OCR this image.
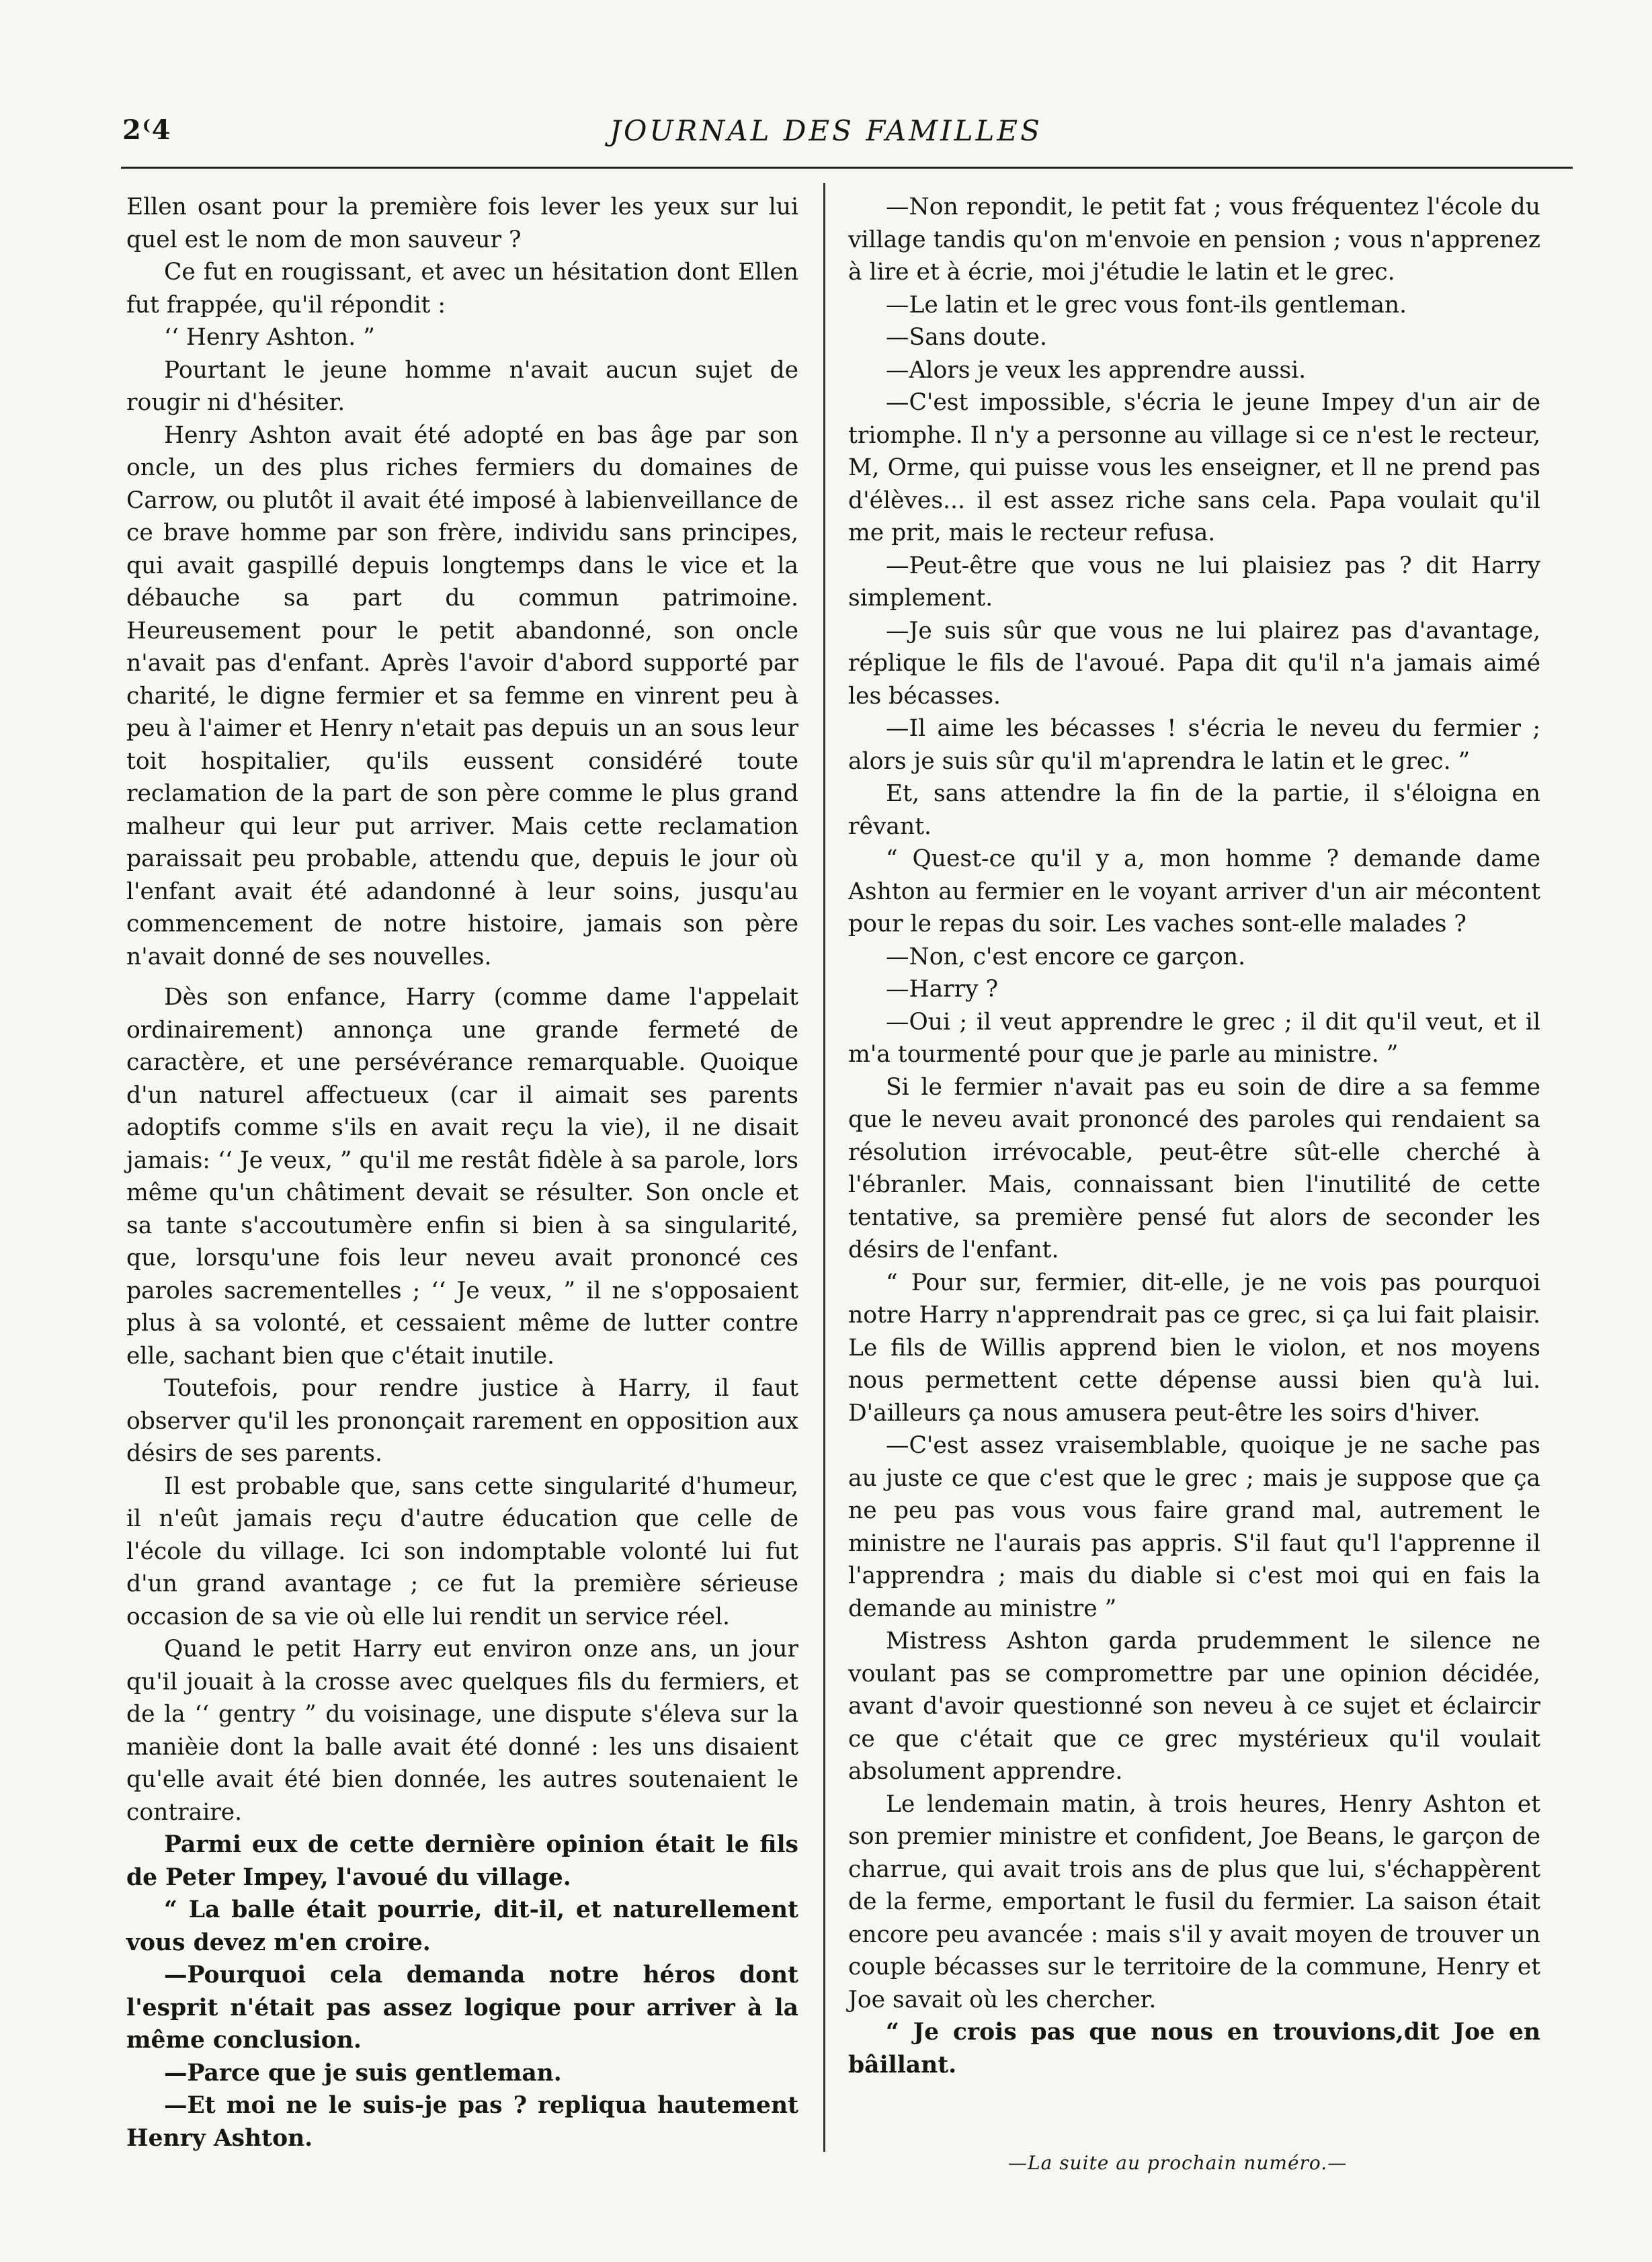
2⁽4	JOURNAL DES FAMILLES

Ellen osant pour la première fois lever les yeux sur lui quel est le nom de mon sauveur ?

Ce fut en rougissant, et avec un hésitation dont Ellen fut frappée, qu'il répondit :

‘‘ Henry Ashton. ”

Pourtant le jeune homme n'avait aucun sujet de rougir ni d'hésiter.

Henry Ashton avait été adopté en bas âge par son oncle, un des plus riches fermiers du domaines de Carrow, ou plutôt il avait été imposé à labienveillance de ce brave homme par son frère, individu sans principes, qui avait gaspillé depuis longtemps dans le vice et la débauche sa part du commun patrimoine. Heureusement pour le petit abandonné, son oncle n'avait pas d'enfant. Après l'avoir d'abord supporté par charité, le digne fermier et sa femme en vinrent peu à peu à l'aimer et Henry n'etait pas depuis un an sous leur toit hospitalier, qu'ils eussent considéré toute reclamation de la part de son père comme le plus grand malheur qui leur put arriver. Mais cette reclamation paraissait peu probable, attendu que, depuis le jour où l'enfant avait été adandonné à leur soins, jusqu'au commencement de notre histoire, jamais son père n'avait donné de ses nouvelles.

Dès son enfance, Harry (comme dame l'appelait ordinairement) annonça une grande fermeté de caractère, et une persévérance remarquable. Quoique d'un naturel affectueux (car il aimait ses parents adoptifs comme s'ils en avait reçu la vie), il ne disait jamais: ‘‘ Je veux, ” qu'il me restât fidèle à sa parole, lors même qu'un châtiment devait se résulter. Son oncle et sa tante s'accoutumère enfin si bien à sa singularité, que, lorsqu'une fois leur neveu avait prononcé ces paroles sacrementelles ; ‘‘ Je veux, ” il ne s'opposaient plus à sa volonté, et cessaient même de lutter contre elle, sachant bien que c'était inutile.

Toutefois, pour rendre justice à Harry, il faut observer qu'il les prononçait rarement en opposition aux désirs de ses parents.

Il est probable que, sans cette singularité d'humeur, il n'eût jamais reçu d'autre éducation que celle de l'école du village. Ici son indomptable volonté lui fut d'un grand avantage ; ce fut la première sérieuse occasion de sa vie où elle lui rendit un service réel.

Quand le petit Harry eut environ onze ans, un jour qu'il jouait à la crosse avec quelques fils du fermiers, et de la ‘‘ gentry ” du voisinage, une dispute s'éleva sur la manièie dont la balle avait été donné : les uns disaient qu'elle avait été bien donnée, les autres soutenaient le contraire.

Parmi eux de cette dernière opinion était le fils de Peter Impey, l'avoué du village.

“ La balle était pourrie, dit-il, et naturellement vous devez m'en croire.

—Pourquoi cela demanda notre héros dont l'esprit n'était pas assez logique pour arriver à la même conclusion.

—Parce que je suis gentleman.

—Et moi ne le suis-je pas ? repliqua hautement Henry Ashton.

—Non repondit, le petit fat ; vous fréquentez l'école du village tandis qu'on m'envoie en pension ; vous n'apprenez à lire et à écrie, moi j'étudie le latin et le grec.

—Le latin et le grec vous font-ils gentleman.

—Sans doute.

—Alors je veux les apprendre aussi.

—C'est impossible, s'écria le jeune Impey d'un air de triomphe. Il n'y a personne au village si ce n'est le recteur, M, Orme, qui puisse vous les enseigner, et ll ne prend pas d'élèves... il est assez riche sans cela. Papa voulait qu'il me prit, mais le recteur refusa.

—Peut-être que vous ne lui plaisiez pas ? dit Harry simplement.

—Je suis sûr que vous ne lui plairez pas d'avantage, réplique le fils de l'avoué. Papa dit qu'il n'a jamais aimé les bécasses.

—Il aime les bécasses ! s'écria le neveu du fermier ; alors je suis sûr qu'il m'aprendra le latin et le grec. ”

Et, sans attendre la fin de la partie, il s'éloigna en rêvant.

“ Quest-ce qu'il y a, mon homme ? demande dame Ashton au fermier en le voyant arriver d'un air mécontent pour le repas du soir. Les vaches sont-elle malades ?

—Non, c'est encore ce garçon.

—Harry ?

—Oui ; il veut apprendre le grec ; il dit qu'il veut, et il m'a tourmenté pour que je parle au ministre. ”

Si le fermier n'avait pas eu soin de dire a sa femme que le neveu avait prononcé des paroles qui rendaient sa résolution irrévocable, peut-être sût-elle cherché à l'ébranler. Mais, connaissant bien l'inutilité de cette tentative, sa première pensé fut alors de seconder les désirs de l'enfant.

“ Pour sur, fermier, dit-elle, je ne vois pas pourquoi notre Harry n'apprendrait pas ce grec, si ça lui fait plaisir. Le fils de Willis apprend bien le violon, et nos moyens nous permettent cette dépense aussi bien qu'à lui. D'ailleurs ça nous amusera peut-être les soirs d'hiver.

—C'est assez vraisemblable, quoique je ne sache pas au juste ce que c'est que le grec ; mais je suppose que ça ne peu pas vous vous faire grand mal, autrement le ministre ne l'aurais pas appris. S'il faut qu'l l'apprenne il l'apprendra ; mais du diable si c'est moi qui en fais la demande au ministre ”

Mistress Ashton garda prudemment le silence ne voulant pas se compromettre par une opinion décidée, avant d'avoir questionné son neveu à ce sujet et éclaircir ce que c'était que ce grec mystérieux qu'il voulait absolument apprendre.

Le lendemain matin, à trois heures, Henry Ashton et son premier ministre et confident, Joe Beans, le garçon de charrue, qui avait trois ans de plus que lui, s'échappèrent de la ferme, emportant le fusil du fermier. La saison était encore peu avancée : mais s'il y avait moyen de trouver un couple bécasses sur le territoire de la commune, Henry et Joe savait où les chercher.

“ Je crois pas que nous en trouvions,dit Joe en bâillant.

—La suite au prochain numéro.—
